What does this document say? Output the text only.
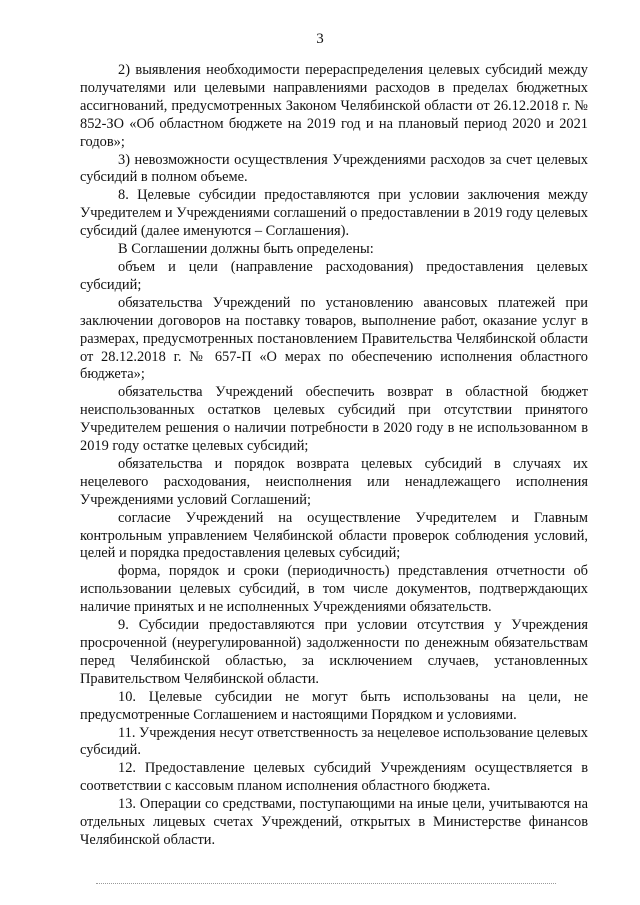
3

2) выявления необходимости перераспределения целевых субсидий между получателями или целевыми направлениями расходов в пределах бюджетных ассигнований, предусмотренных Законом Челябинской области от 26.12.2018 г. № 852-ЗО «Об областном бюджете на 2019 год и на плановый период 2020 и 2021 годов»;

3) невозможности осуществления Учреждениями расходов за счет целевых субсидий в полном объеме.

8. Целевые субсидии предоставляются при условии заключения между Учредителем и Учреждениями соглашений о предоставлении в 2019 году целевых субсидий (далее именуются – Соглашения).

В Соглашении должны быть определены:

объем и цели (направление расходования) предоставления целевых субсидий;

обязательства Учреждений по установлению авансовых платежей при заключении договоров на поставку товаров, выполнение работ, оказание услуг в размерах, предусмотренных постановлением Правительства Челябинской области от 28.12.2018 г. № 657-П «О мерах по обеспечению исполнения областного бюджета»;

обязательства Учреждений обеспечить возврат в областной бюджет неиспользованных остатков целевых субсидий при отсутствии принятого Учредителем решения о наличии потребности в 2020 году в не использованном в 2019 году остатке целевых субсидий;

обязательства и порядок возврата целевых субсидий в случаях их нецелевого расходования, неисполнения или ненадлежащего исполнения Учреждениями условий Соглашений;

согласие Учреждений на осуществление Учредителем и Главным контрольным управлением Челябинской области проверок соблюдения условий, целей и порядка предоставления целевых субсидий;

форма, порядок и сроки (периодичность) представления отчетности об использовании целевых субсидий, в том числе документов, подтверждающих наличие принятых и не исполненных Учреждениями обязательств.

9. Субсидии предоставляются при условии отсутствия у Учреждения просроченной (неурегулированной) задолженности по денежным обязательствам перед Челябинской областью, за исключением случаев, установленных Правительством Челябинской области.

10. Целевые субсидии не могут быть использованы на цели, не предусмотренные Соглашением и настоящими Порядком и условиями.

11. Учреждения несут ответственность за нецелевое использование целевых субсидий.

12. Предоставление целевых субсидий Учреждениям осуществляется в соответствии с кассовым планом исполнения областного бюджета.

13. Операции со средствами, поступающими на иные цели, учитываются на отдельных лицевых счетах Учреждений, открытых в Министерстве финансов Челябинской области.
